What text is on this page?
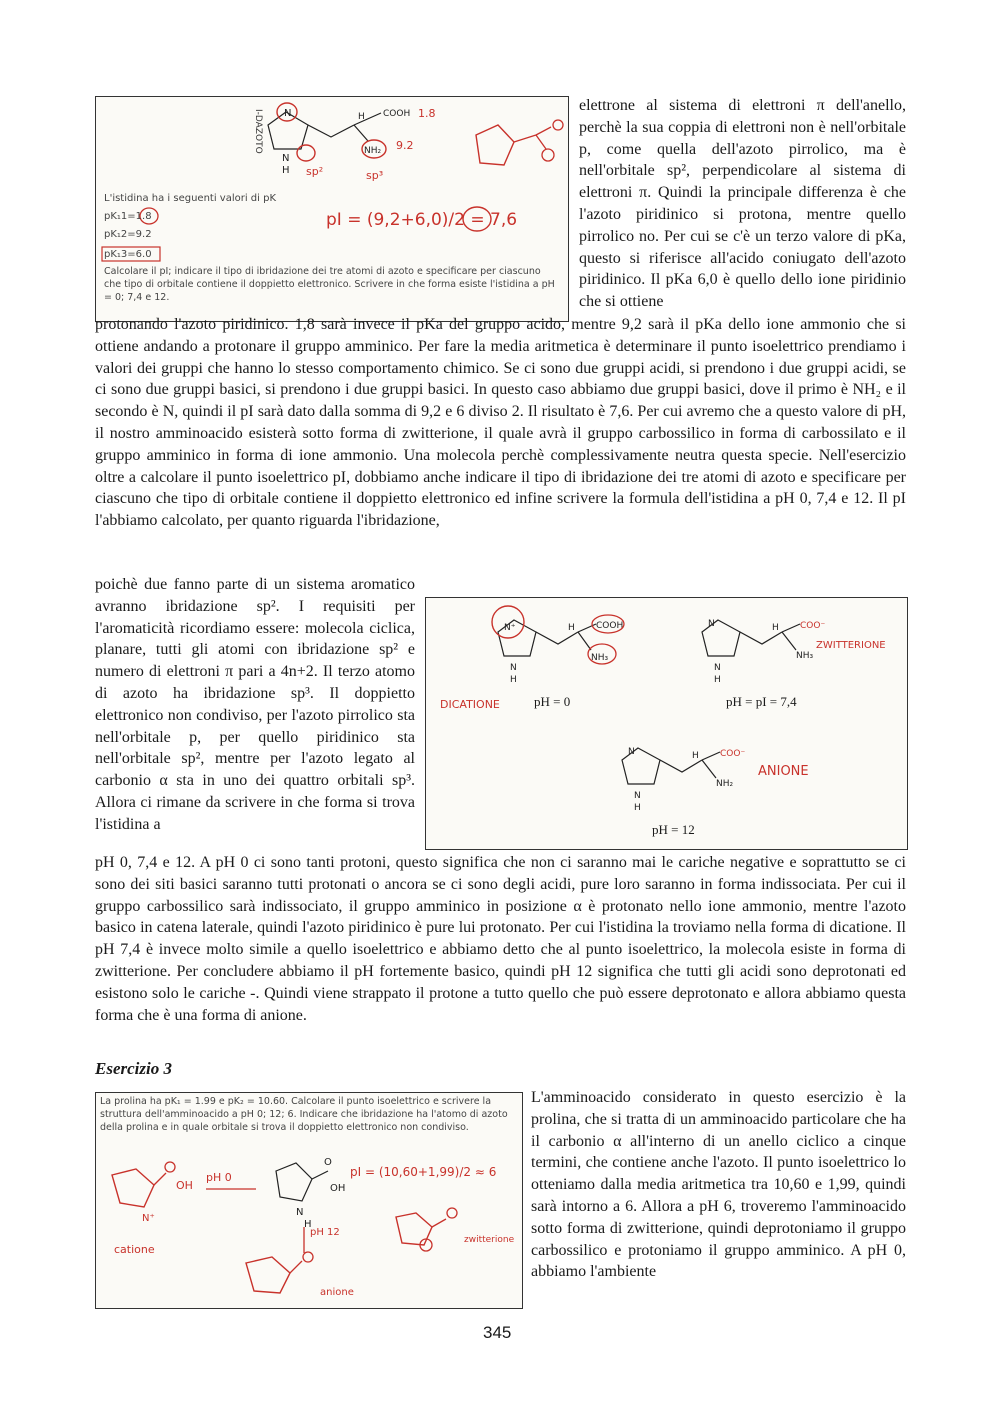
I-DAZOTO N
N
H
H COOH
NH₂
1.8
9.2
sp³
sp²
pI = (9,2+6,0)/2 = 7,6
L'istidina ha i seguenti valori di pK
pK₁1=1.8
pK₁2=9.2
pK₁3=6.0
Calcolare il pI; indicare il tipo di ibridazione dei tre atomi di azoto e specificare per ciascuno che tipo di orbitale contiene il doppietto elettronico. Scrivere in che forma esiste l'istidina a pH = 0; 7,4 e 12.
elettrone al sistema di elettroni π dell'anello, perchè la sua coppia di elettroni non è nell'orbitale p, come quella dell'azoto pirrolico, ma è nell'orbitale sp², perpendicolare al sistema di elettroni π. Quindi la principale differenza è che l'azoto piridinico si protona, mentre quello pirrolico no. Per cui se c'è un terzo valore di pKa, questo si riferisce all'acido coniugato dell'azoto piridinico. Il pKa 6,0 è quello dello ione piridinio che si ottiene
protonando l'azoto piridinico. 1,8 sarà invece il pKa del gruppo acido, mentre 9,2 sarà il pKa dello ione ammonio che si ottiene andando a protonare il gruppo amminico. Per fare la media aritmetica è determinare il punto isoelettrico prendiamo i valori dei gruppi che hanno lo stesso comportamento chimico. Se ci sono due gruppi acidi, si prendono i due gruppi acidi, se ci sono due gruppi basici, si prendono i due gruppi basici. In questo caso abbiamo due gruppi basici, dove il primo è NH₂ e il secondo è N, quindi il pI sarà dato dalla somma di 9,2 e 6 diviso 2. Il risultato è 7,6. Per cui avremo che a questo valore di pH, il nostro amminoacido esisterà sotto forma di zwitterione, il quale avrà il gruppo carbossilico in forma di carbossilato e il gruppo amminico in forma di ione ammonio. Una molecola perchè complessivamente neutra questa specie. Nell'esercizio oltre a calcolare il punto isoelettrico pI, dobbiamo anche indicare il tipo di ibridazione dei tre atomi di azoto e specificare per ciascuno che tipo di orbitale contiene il doppietto elettronico ed infine scrivere la formula dell'istidina a pH 0, 7,4 e 12. Il pI l'abbiamo calcolato, per quanto riguarda l'ibridazione,
poichè due fanno parte di un sistema aromatico avranno ibridazione sp². I requisiti per l'aromaticità ricordiamo essere: molecola ciclica, planare, tutti gli atomi con ibridazione sp² e numero di elettroni π pari a 4n+2. Il terzo atomo di azoto ha ibridazione sp³. Il doppietto elettronico non condiviso, per l'azoto pirrolico sta nell'orbitale p, per quello piridinico sta nell'orbitale sp², mentre per l'azoto legato al carbonio α sta in uno dei quattro orbitali sp³. Allora ci rimane da scrivere in che forma si trova l'istidina a
N⁺
N
H
H COOH
NH₃
N
N
H
H COO⁻
NH₃
N
N
H
H COO⁻
NH₂
DICATIONE	pH = 0
ZWITTERIONE
pH = pI = 7,4
ANIONE
pH = 12
pH 0, 7,4 e 12. A pH 0 ci sono tanti protoni, questo significa che non ci saranno mai le cariche negative e soprattutto se ci sono dei siti basici saranno tutti protonati o ancora se ci sono degli acidi, pure loro saranno in forma indissociata. Per cui il gruppo carbossilico sarà indissociato, il gruppo amminico in posizione α è protonato nello ione ammonio, mentre l'azoto basico in catena laterale, quindi l'azoto piridinico è pure lui protonato. Per cui l'istidina la troviamo nella forma di dicatione. Il pH 7,4 è invece molto simile a quello isoelettrico e abbiamo detto che al punto isoelettrico, la molecola esiste in forma di zwitterione. Per concludere abbiamo il pH fortemente basico, quindi pH 12 significa che tutti gli acidi sono deprotonati ed esistono solo le cariche -. Quindi viene strappato il protone a tutto quello che può essere deprotonato e allora abbiamo questa forma che è una forma di anione.
Esercizio 3
OH
N⁺
O
OH
N
H
La prolina ha pK₁ = 1.99 e pK₂ = 10.60. Calcolare il punto isoelettrico e scrivere la struttura dell'amminoacido a pH 0; 12; 6. Indicare che ibridazione ha l'atomo di azoto della prolina e in quale orbitale si trova il doppietto elettronico non condiviso.
pI = (10,60+1,99)/2 ≈ 6
pH 0
pH 12
catione
anione
zwitterione
L'amminoacido considerato in questo esercizio è la prolina, che si tratta di un amminoacido particolare che ha il carbonio α all'interno di un anello ciclico a cinque termini, che contiene anche l'azoto. Il punto isoelettrico lo otteniamo dalla media aritmetica tra 10,60 e 1,99, quindi sarà intorno a 6. Allora a pH 6, troveremo l'amminoacido sotto forma di zwitterione, quindi deprotoniamo il gruppo carbossilico e protoniamo il gruppo amminico. A pH 0, abbiamo l'ambiente
345
